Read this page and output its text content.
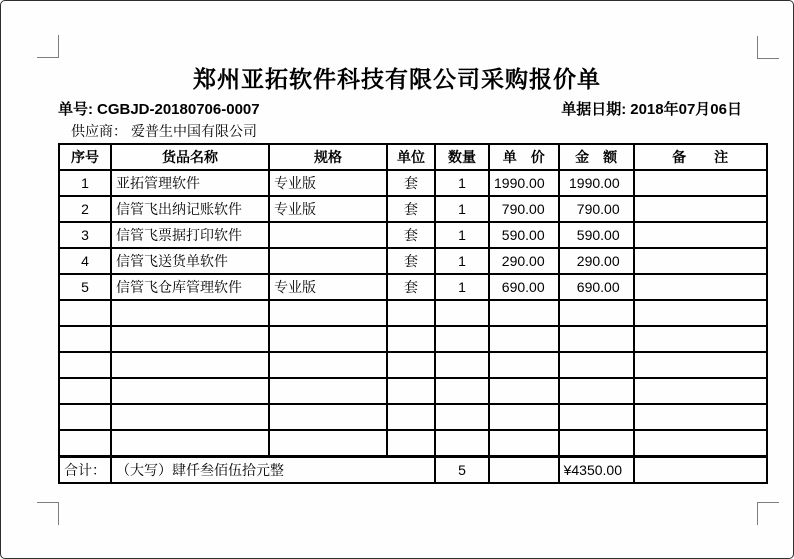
郑州亚拓软件科技有限公司采购报价单
单号: CGBJD-20180706-0007	单据日期: 2018年07月06日
供应商： 爱普生中国有限公司
序号	货品名称	规格	单位	数量	单　价	金　额	备　　注
1	亚拓管理软件	专业版	套	1	1990.00	1990.00	
2	信管飞出纳记账软件	专业版	套	1	790.00	790.00	
3	信管飞票据打印软件		套	1	590.00	590.00	
4	信管飞送货单软件		套	1	290.00	290.00	
5	信管飞仓库管理软件	专业版	套	1	690.00	690.00	

合计：	（大写）肆仟叁佰伍拾元整			5		¥4350.00	
